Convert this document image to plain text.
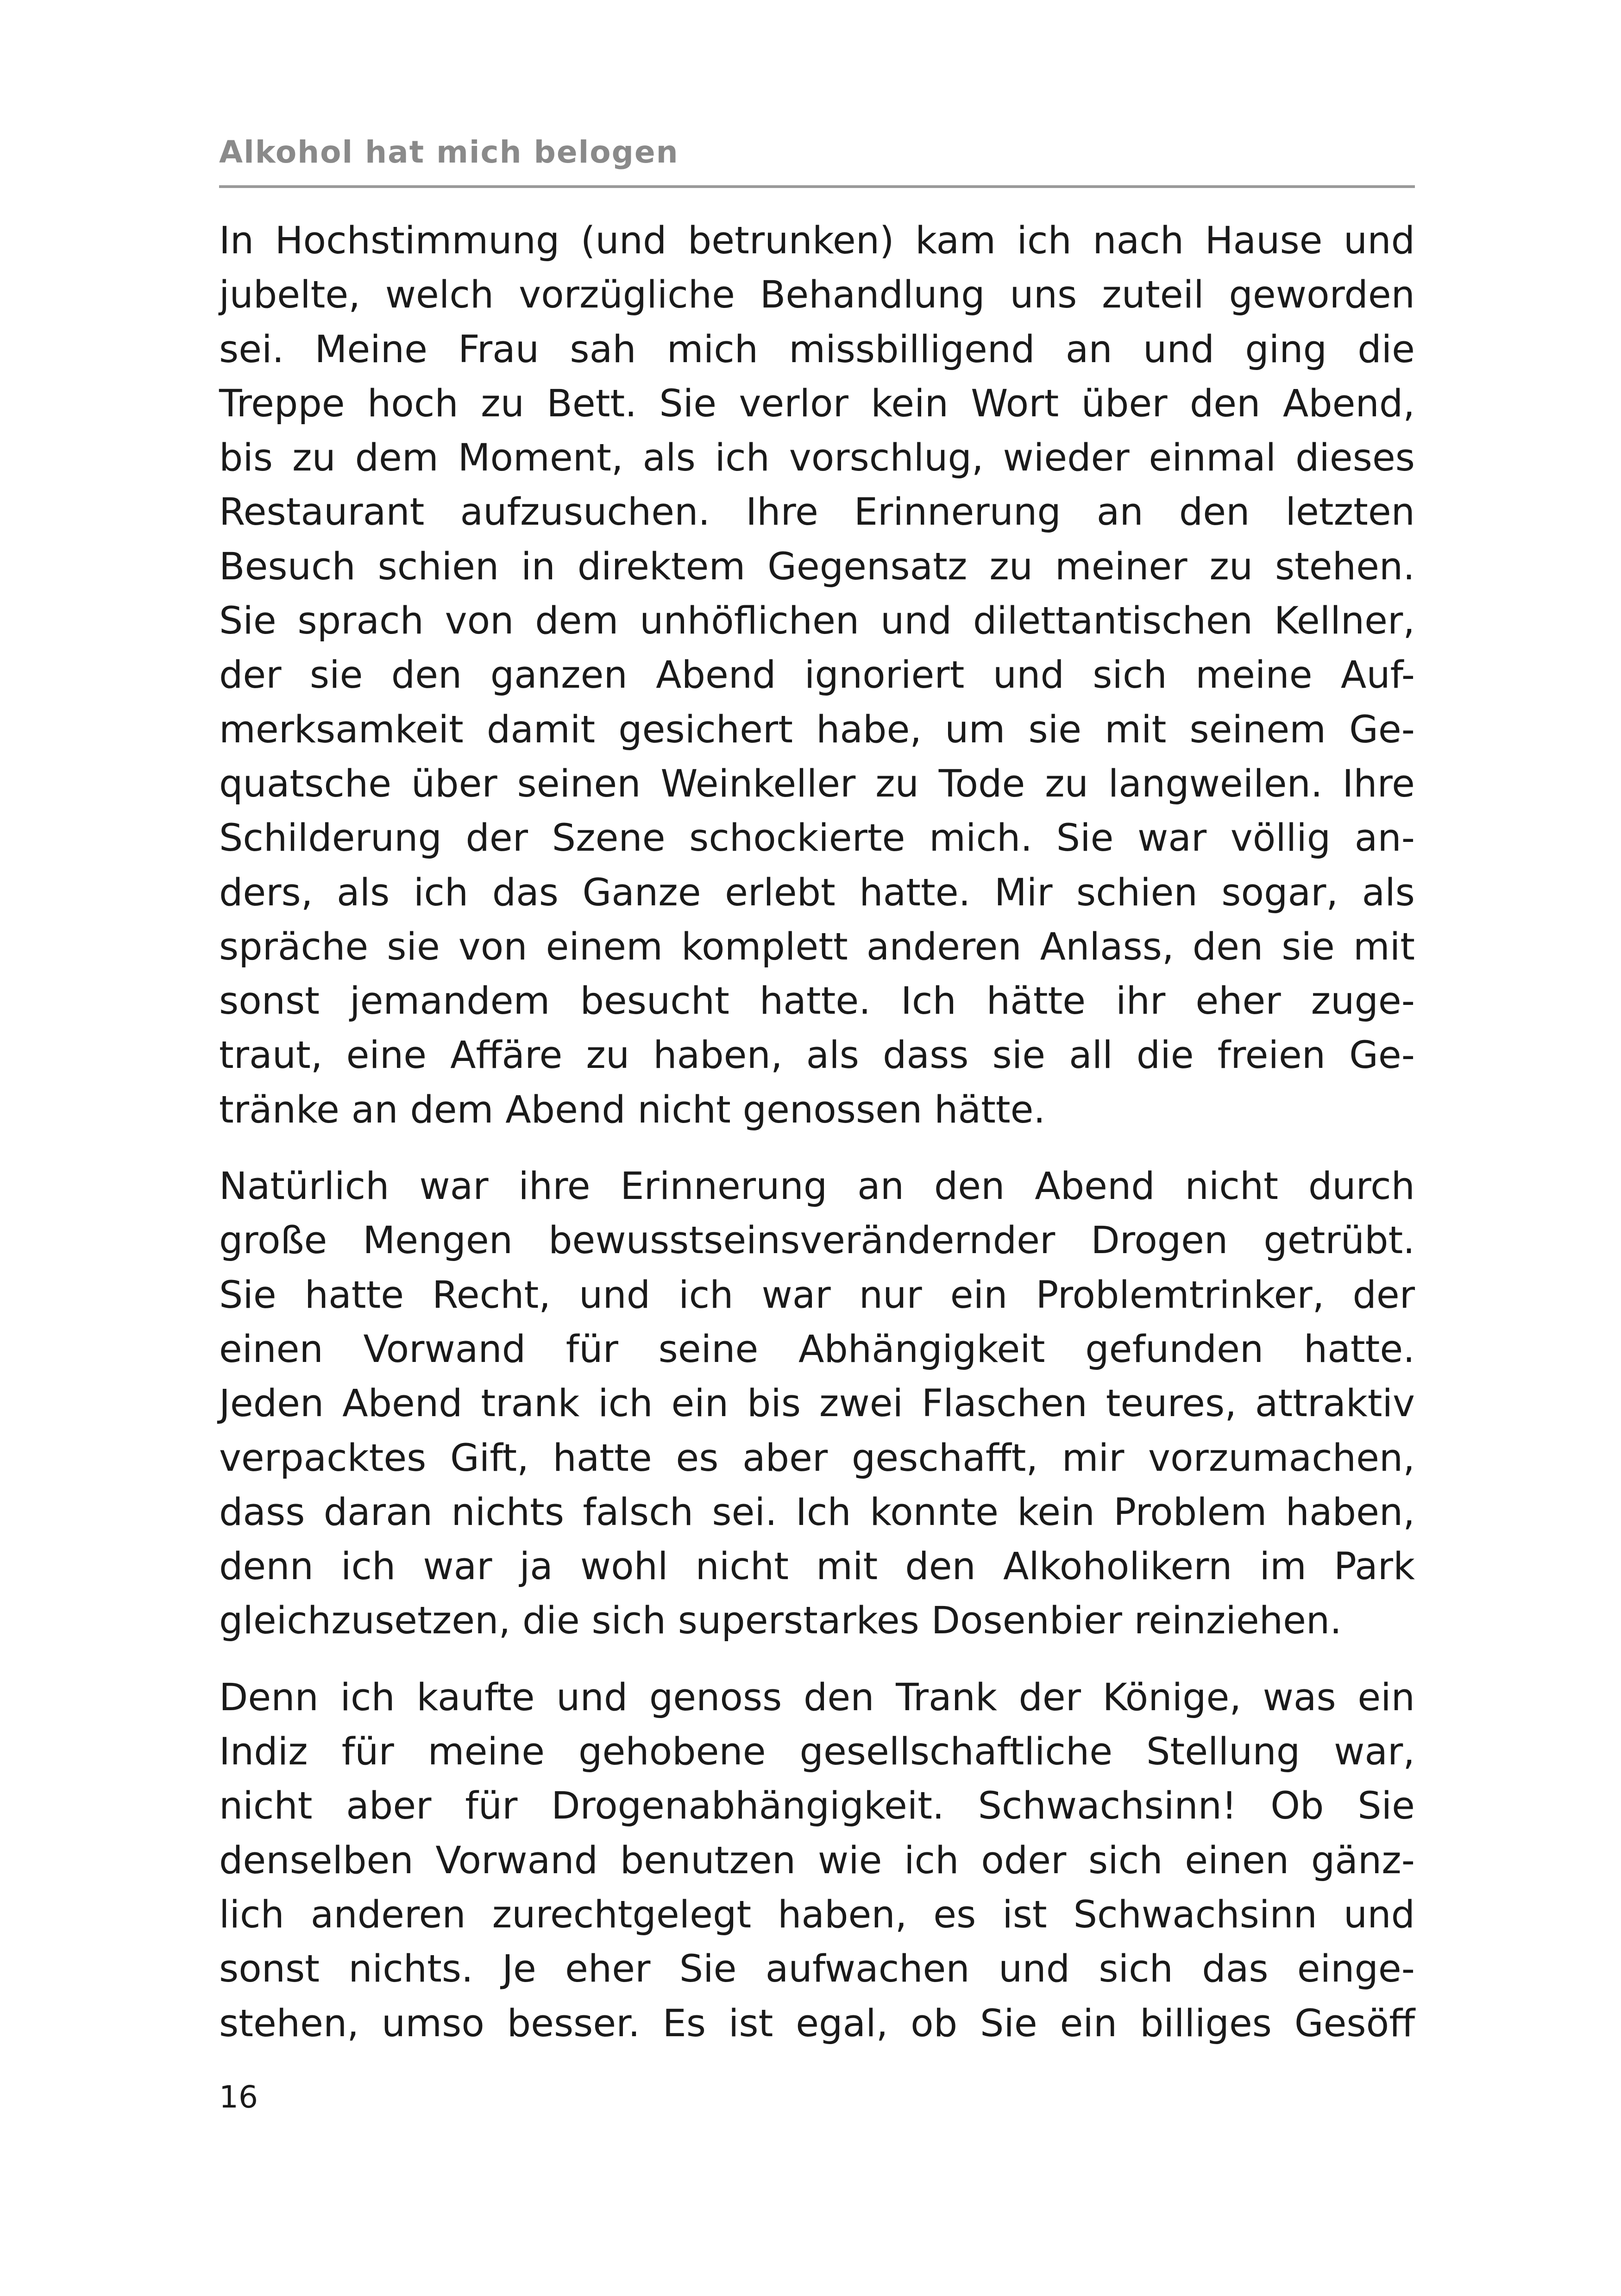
Alkohol hat mich belogen
In Hochstimmung (und betrunken) kam ich nach Hause und
jubelte, welch vorzügliche Behandlung uns zuteil geworden
sei. Meine Frau sah mich missbilligend an und ging die
Treppe hoch zu Bett. Sie verlor kein Wort über den Abend,
bis zu dem Moment, als ich vorschlug, wieder einmal dieses
Restaurant aufzusuchen. Ihre Erinnerung an den letzten
Besuch schien in direktem Gegensatz zu meiner zu stehen.
Sie sprach von dem unhöflichen und dilettantischen Kellner,
der sie den ganzen Abend ignoriert und sich meine Auf-
merksamkeit damit gesichert habe, um sie mit seinem Ge-
quatsche über seinen Weinkeller zu Tode zu langweilen. Ihre
Schilderung der Szene schockierte mich. Sie war völlig an-
ders, als ich das Ganze erlebt hatte. Mir schien sogar, als
spräche sie von einem komplett anderen Anlass, den sie mit
sonst jemandem besucht hatte. Ich hätte ihr eher zuge-
traut, eine Affäre zu haben, als dass sie all die freien Ge-
tränke an dem Abend nicht genossen hätte.
Natürlich war ihre Erinnerung an den Abend nicht durch
große Mengen bewusstseinsverändernder Drogen getrübt.
Sie hatte Recht, und ich war nur ein Problemtrinker, der
einen Vorwand für seine Abhängigkeit gefunden hatte.
Jeden Abend trank ich ein bis zwei Flaschen teures, attraktiv
verpacktes Gift, hatte es aber geschafft, mir vorzumachen,
dass daran nichts falsch sei. Ich konnte kein Problem haben,
denn ich war ja wohl nicht mit den Alkoholikern im Park
gleichzusetzen, die sich superstarkes Dosenbier reinziehen.
Denn ich kaufte und genoss den Trank der Könige, was ein
Indiz für meine gehobene gesellschaftliche Stellung war,
nicht aber für Drogenabhängigkeit. Schwachsinn! Ob Sie
denselben Vorwand benutzen wie ich oder sich einen gänz-
lich anderen zurechtgelegt haben, es ist Schwachsinn und
sonst nichts. Je eher Sie aufwachen und sich das einge-
stehen, umso besser. Es ist egal, ob Sie ein billiges Gesöff
16
